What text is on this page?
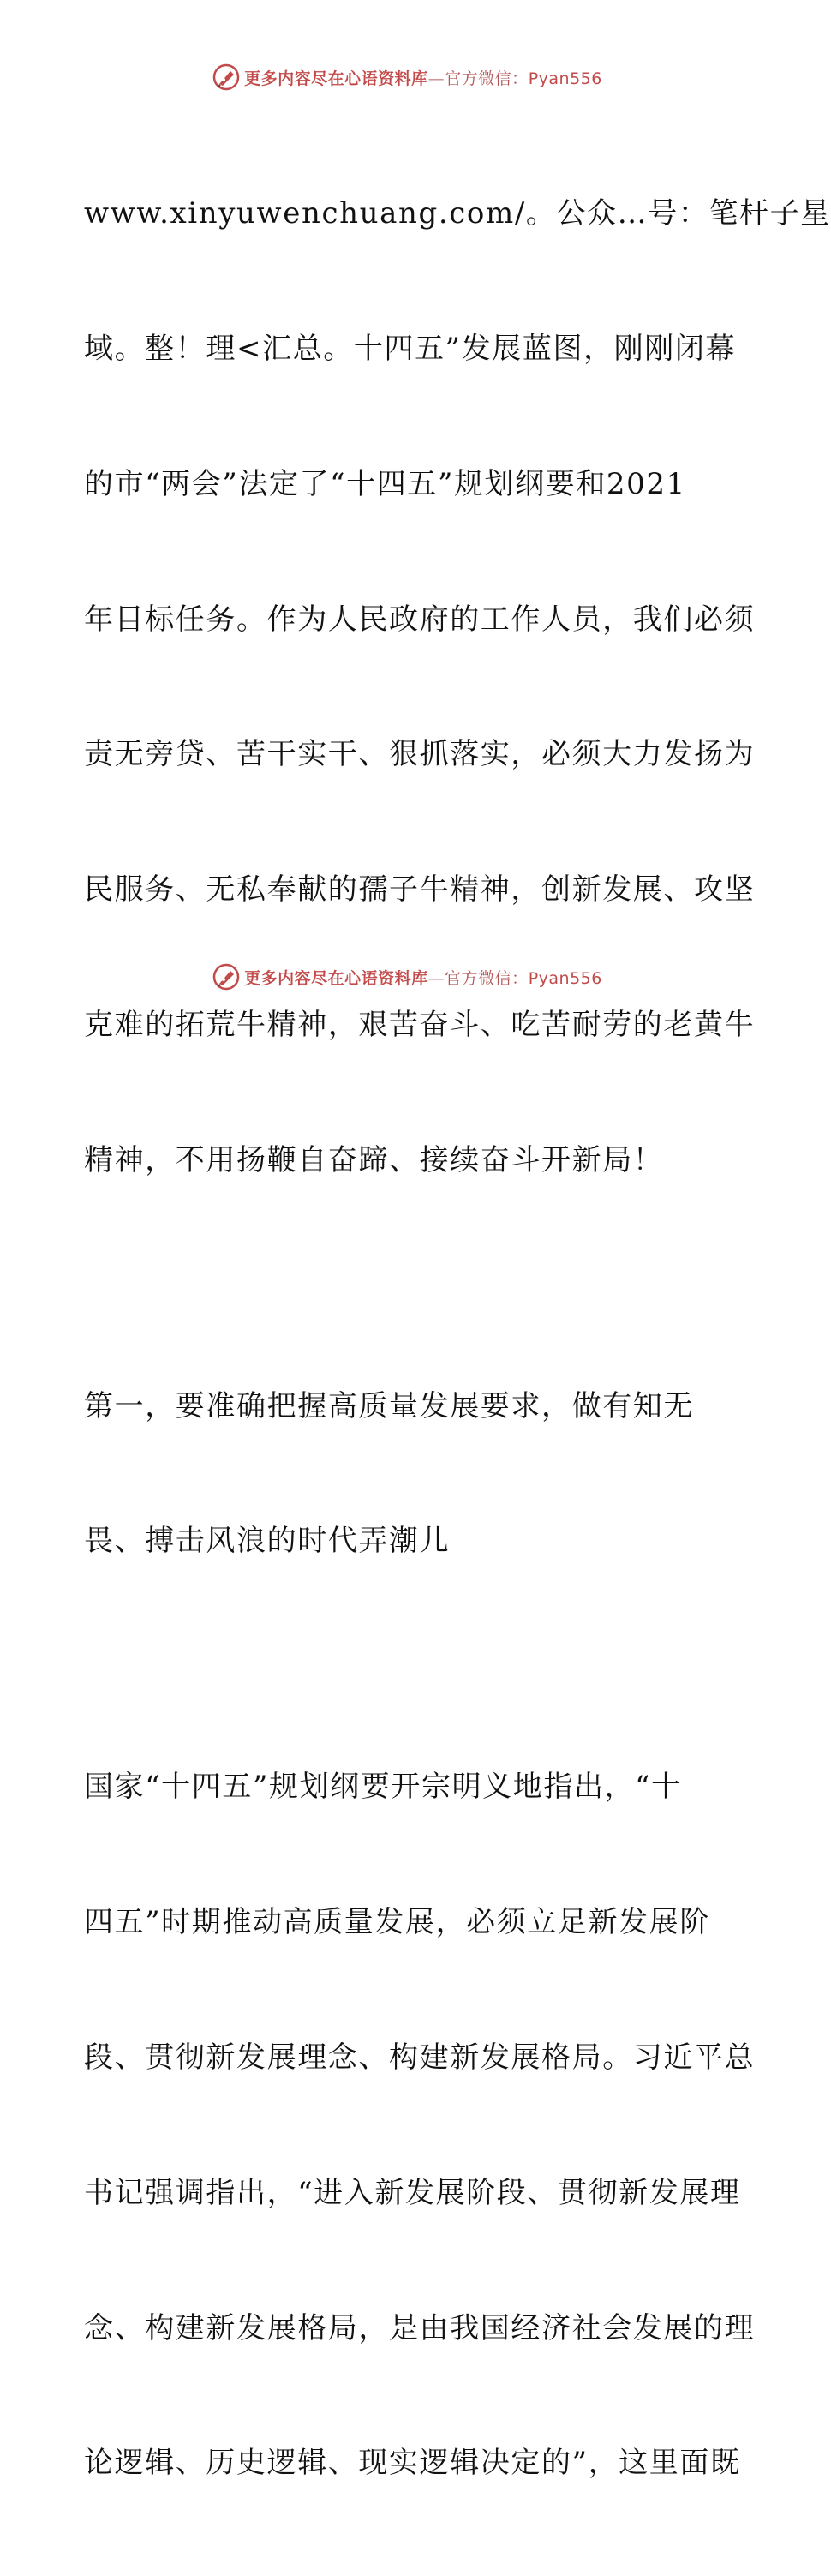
更多内容尽在心语资料库—官方微信：Pyan556

www.xinyuwenchuang.com/。公众…号：笔杆子星

域。整！理<汇总。十四五”发展蓝图，刚刚闭幕

的市“两会”法定了“十四五”规划纲要和2021

年目标任务。作为人民政府的工作人员，我们必须

责无旁贷、苦干实干、狠抓落实，必须大力发扬为

民服务、无私奉献的孺子牛精神，创新发展、攻坚

克难的拓荒牛精神，艰苦奋斗、吃苦耐劳的老黄牛

精神，不用扬鞭自奋蹄、接续奋斗开新局！

第一，要准确把握高质量发展要求，做有知无

畏、搏击风浪的时代弄潮儿

国家“十四五”规划纲要开宗明义地指出，“十

四五”时期推动高质量发展，必须立足新发展阶

段、贯彻新发展理念、构建新发展格局。习近平总

书记强调指出，“进入新发展阶段、贯彻新发展理

念、构建新发展格局，是由我国经济社会发展的理

论逻辑、历史逻辑、现实逻辑决定的”，这里面既

更多内容尽在心语资料库—官方微信：Pyan556
